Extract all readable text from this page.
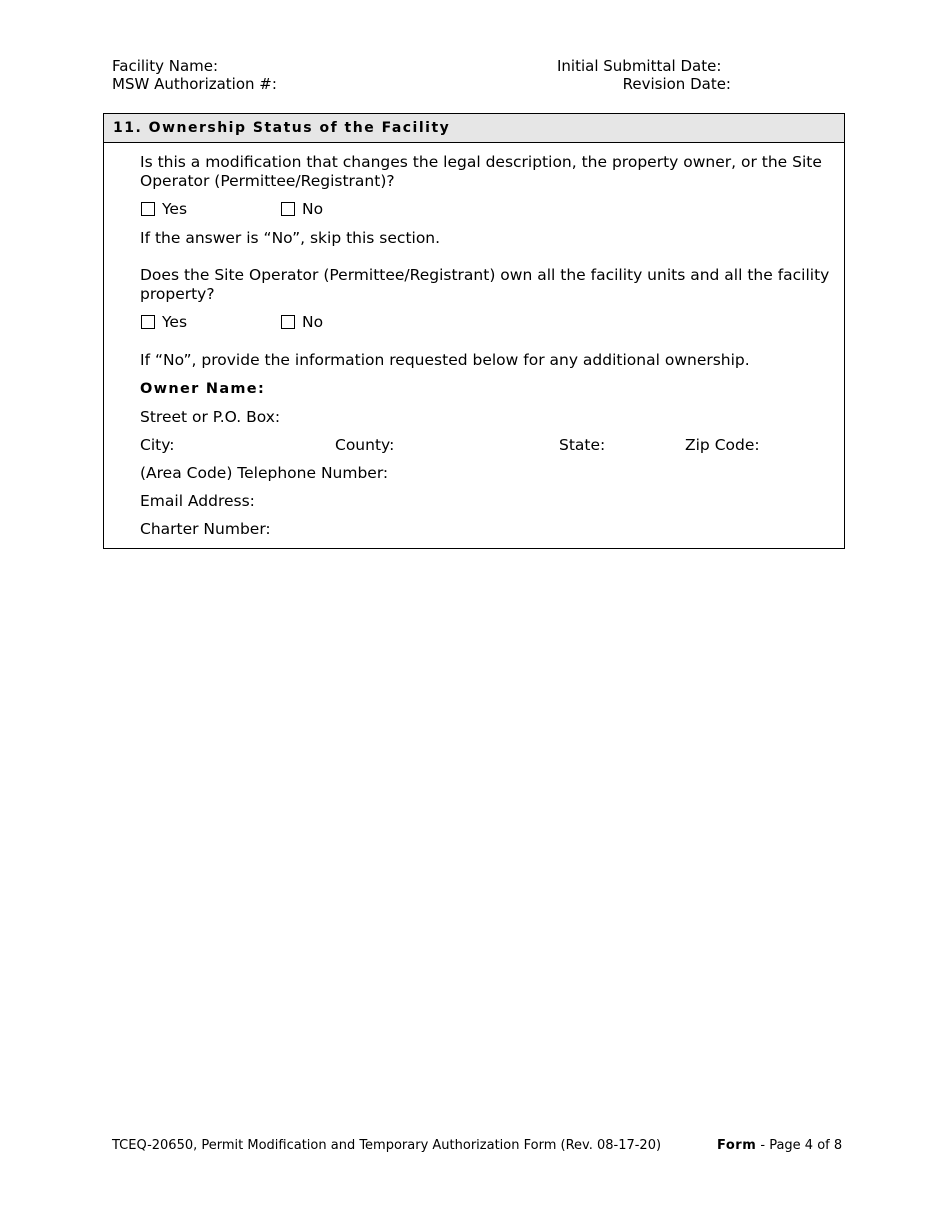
Facility Name:
MSW Authorization #:
Initial Submittal Date:
Revision Date:
11. Ownership Status of the Facility
Is this a modification that changes the legal description, the property owner, or the Site Operator (Permittee/Registrant)?
Yes	No
If the answer is “No”, skip this section.
Does the Site Operator (Permittee/Registrant) own all the facility units and all the facility property?
Yes	No
If “No”, provide the information requested below for any additional ownership.
Owner Name:
Street or P.O. Box:
City:	County:	State:	Zip Code:
(Area Code) Telephone Number:
Email Address:
Charter Number:
TCEQ-20650, Permit Modification and Temporary Authorization Form (Rev. 08-17-20)	Form - Page 4 of 8
